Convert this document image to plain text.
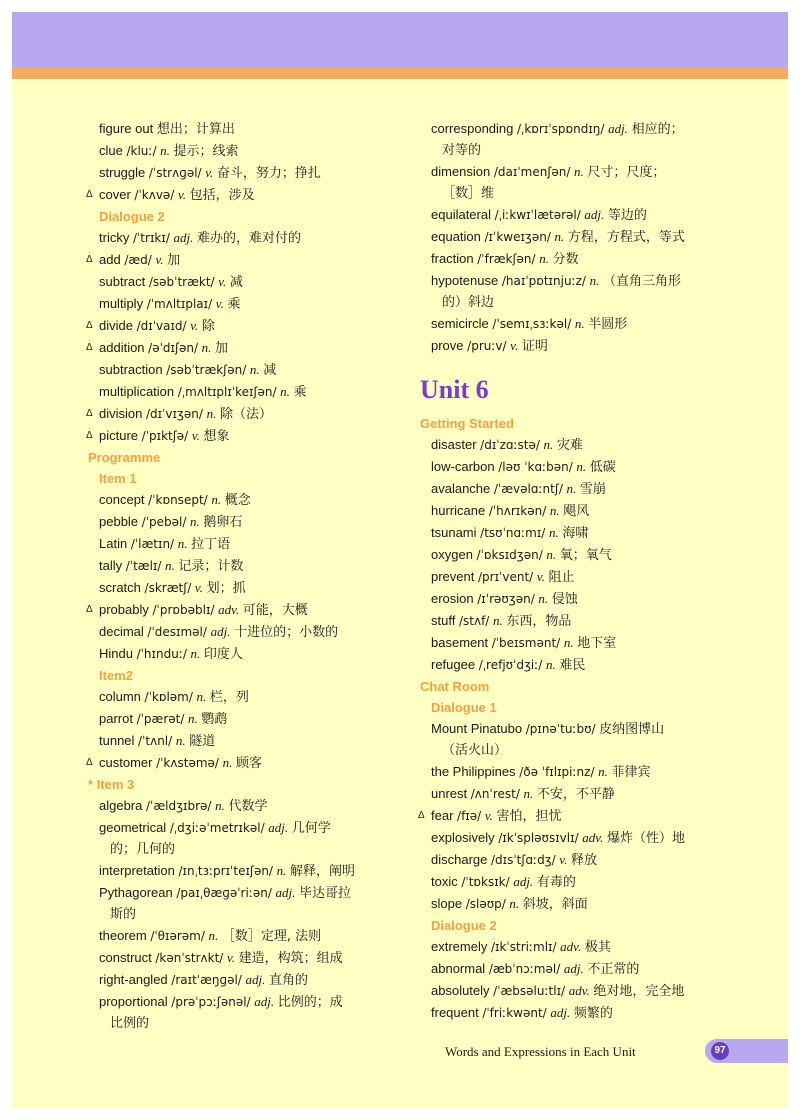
figure out 想出；计算出
clue /kluː/ n. 提示；线索
struggle /ˈstrʌɡəl/ v. 奋斗，努力；挣扎
Δ cover /ˈkʌvə/ v. 包括，涉及
Dialogue 2
tricky /ˈtrɪkɪ/ adj. 难办的，难对付的
Δ add /æd/ v. 加
subtract /səbˈtrækt/ v. 减
multiply /ˈmʌltɪplaɪ/ v. 乘
Δ divide /dɪˈvaɪd/ v. 除
Δ addition /əˈdɪʃən/ n. 加
subtraction /səbˈtrækʃən/ n. 减
multiplication /ˌmʌltɪplɪˈkeɪʃən/ n. 乘
Δ division /dɪˈvɪʒən/ n. 除（法）
Δ picture /ˈpɪktʃə/ v. 想象
Programme
Item 1
concept /ˈkɒnsept/ n. 概念
pebble /ˈpebəl/ n. 鹅卵石
Latin /ˈlætɪn/ n. 拉丁语
tally /ˈtælɪ/ n. 记录；计数
scratch /skrætʃ/ v. 划；抓
Δ probably /ˈprɒbəblɪ/ adv. 可能，大概
decimal /ˈdesɪməl/ adj. 十进位的；小数的
Hindu /ˈhɪnduː/ n. 印度人
Item2
column /ˈkɒləm/ n. 栏，列
parrot /ˈpærət/ n. 鹦鹉
tunnel /ˈtʌnl/ n. 隧道
Δ customer /ˈkʌstəmə/ n. 顾客
* Item 3
algebra /ˈældʒɪbrə/ n. 代数学
geometrical /ˌdʒiːəˈmetrɪkəl/ adj. 几何学
的；几何的
interpretation /ɪnˌtɜːprɪˈteɪʃən/ n. 解释，阐明
Pythagorean /paɪˌθæɡəˈriːən/ adj. 毕达哥拉
斯的
theorem /ˈθɪərəm/ n. ［数］定理, 法则
construct /kənˈstrʌkt/ v. 建造，构筑；组成
right-angled /raɪtˈæŋɡəl/ adj. 直角的
proportional /prəˈpɔːʃənəl/ adj. 比例的；成
比例的
corresponding /ˌkɒrɪˈspɒndɪŋ/ adj. 相应的；
对等的
dimension /daɪˈmenʃən/ n. 尺寸；尺度；
［数］维
equilateral /ˌiːkwɪˈlætərəl/ adj. 等边的
equation /ɪˈkweɪʒən/ n. 方程，方程式，等式
fraction /ˈfrækʃən/ n. 分数
hypotenuse /haɪˈpɒtɪnjuːz/ n. （直角三角形
的）斜边
semicircle /ˈsemɪˌsɜːkəl/ n. 半圆形
prove /pruːv/ v. 证明
Unit 6
Getting Started
disaster /dɪˈzɑːstə/ n. 灾难
low-carbon /ləʊ ˈkɑːbən/ n. 低碳
avalanche /ˈævəlɑːntʃ/ n. 雪崩
hurricane /ˈhʌrɪkən/ n. 飓风
tsunami /tsʊˈnɑːmɪ/ n. 海啸
oxygen /ˈɒksɪdʒən/ n. 氧；氧气
prevent /prɪˈvent/ v. 阻止
erosion /ɪˈrəʊʒən/ n. 侵蚀
stuff /stʌf/ n. 东西，物品
basement /ˈbeɪsmənt/ n. 地下室
refugee /ˌrefjʊˈdʒiː/ n. 难民
Chat Room
Dialogue 1
Mount Pinatubo /pɪnəˈtuːbʊ/ 皮纳图博山
（活火山）
the Philippines /ðə ˈfɪlɪpiːnz/ n. 菲律宾
unrest /ʌnˈrest/ n. 不安，不平静
Δ fear /fɪə/ v. 害怕，担忧
explosively /ɪkˈspləʊsɪvlɪ/ adv. 爆炸（性）地
discharge /dɪsˈtʃɑːdʒ/ v. 释放
toxic /ˈtɒksɪk/ adj. 有毒的
slope /sləʊp/ n. 斜坡，斜面
Dialogue 2
extremely /ɪkˈstriːmlɪ/ adv. 极其
abnormal /æbˈnɔːməl/ adj. 不正常的
absolutely /ˈæbsəluːtlɪ/ adv. 绝对地，完全地
frequent /ˈfriːkwənt/ adj. 频繁的
Words and Expressions in Each Unit	97
